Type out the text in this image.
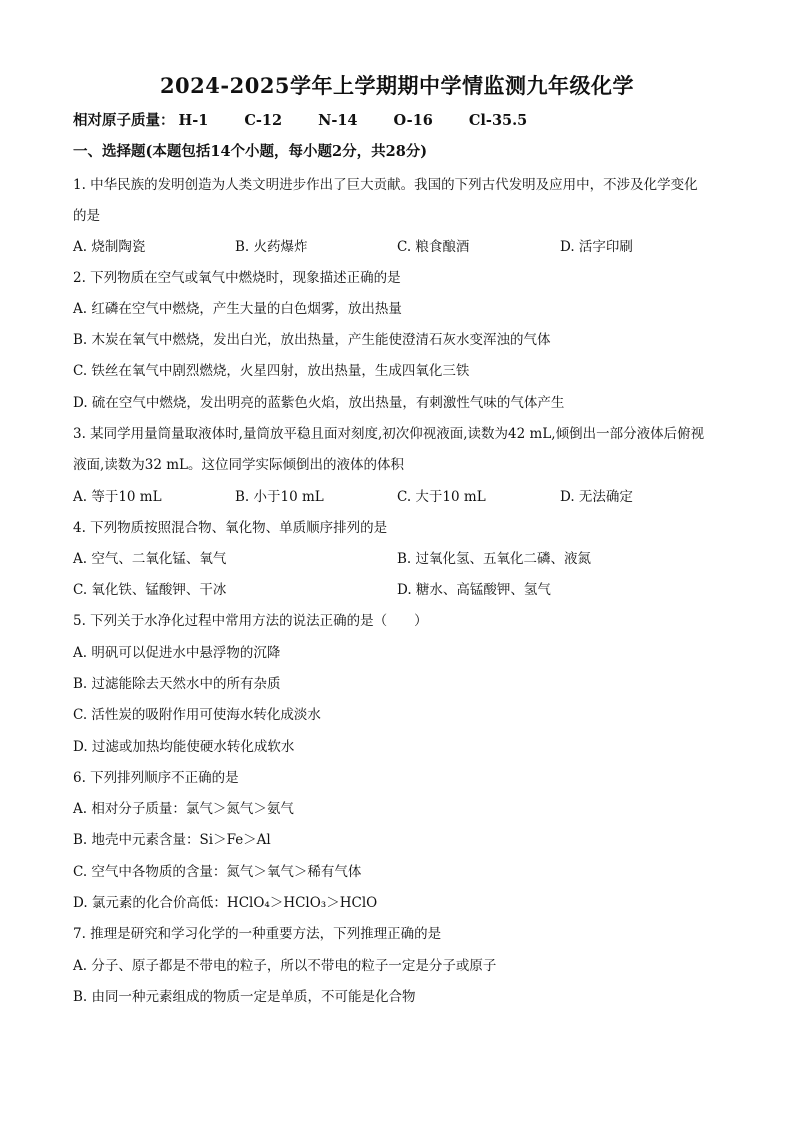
2024-2025学年上学期期中学情监测九年级化学
相对原子质量： H-1 C-12 N-14 O-16 Cl-35.5
一、选择题(本题包括14个小题，每小题2分，共28分)
1. 中华民族的发明创造为人类文明进步作出了巨大贡献。我国的下列古代发明及应用中，不涉及化学变化
的是
A. 烧制陶瓷	B. 火药爆炸	C. 粮食酿酒	D. 活字印刷
2. 下列物质在空气或氧气中燃烧时，现象描述正确的是
A. 红磷在空气中燃烧，产生大量的白色烟雾，放出热量
B. 木炭在氧气中燃烧，发出白光，放出热量，产生能使澄清石灰水变浑浊的气体
C. 铁丝在氧气中剧烈燃烧，火星四射，放出热量，生成四氧化三铁
D. 硫在空气中燃烧，发出明亮的蓝紫色火焰，放出热量，有刺激性气味的气体产生
3. 某同学用量筒量取液体时,量筒放平稳且面对刻度,初次仰视液面,读数为42 mL,倾倒出一部分液体后俯视
液面,读数为32 mL。这位同学实际倾倒出的液体的体积
A. 等于10 mL	B. 小于10 mL	C. 大于10 mL	D. 无法确定
4. 下列物质按照混合物、氧化物、单质顺序排列的是
A. 空气、二氧化锰、氧气	B. 过氧化氢、五氧化二磷、液氮
C. 氧化铁、锰酸钾、干冰	D. 糖水、高锰酸钾、氢气
5. 下列关于水净化过程中常用方法的说法正确的是（　　）
A. 明矾可以促进水中悬浮物的沉降
B. 过滤能除去天然水中的所有杂质
C. 活性炭的吸附作用可使海水转化成淡水
D. 过滤或加热均能使硬水转化成软水
6. 下列排列顺序不正确的是
A. 相对分子质量：氯气＞氮气＞氨气
B. 地壳中元素含量：Si＞Fe＞Al
C. 空气中各物质的含量：氮气＞氧气＞稀有气体
D. 氯元素的化合价高低：HClO₄＞HClO₃＞HClO
7. 推理是研究和学习化学的一种重要方法，下列推理正确的是
A. 分子、原子都是不带电的粒子，所以不带电的粒子一定是分子或原子
B. 由同一种元素组成的物质一定是单质，不可能是化合物
